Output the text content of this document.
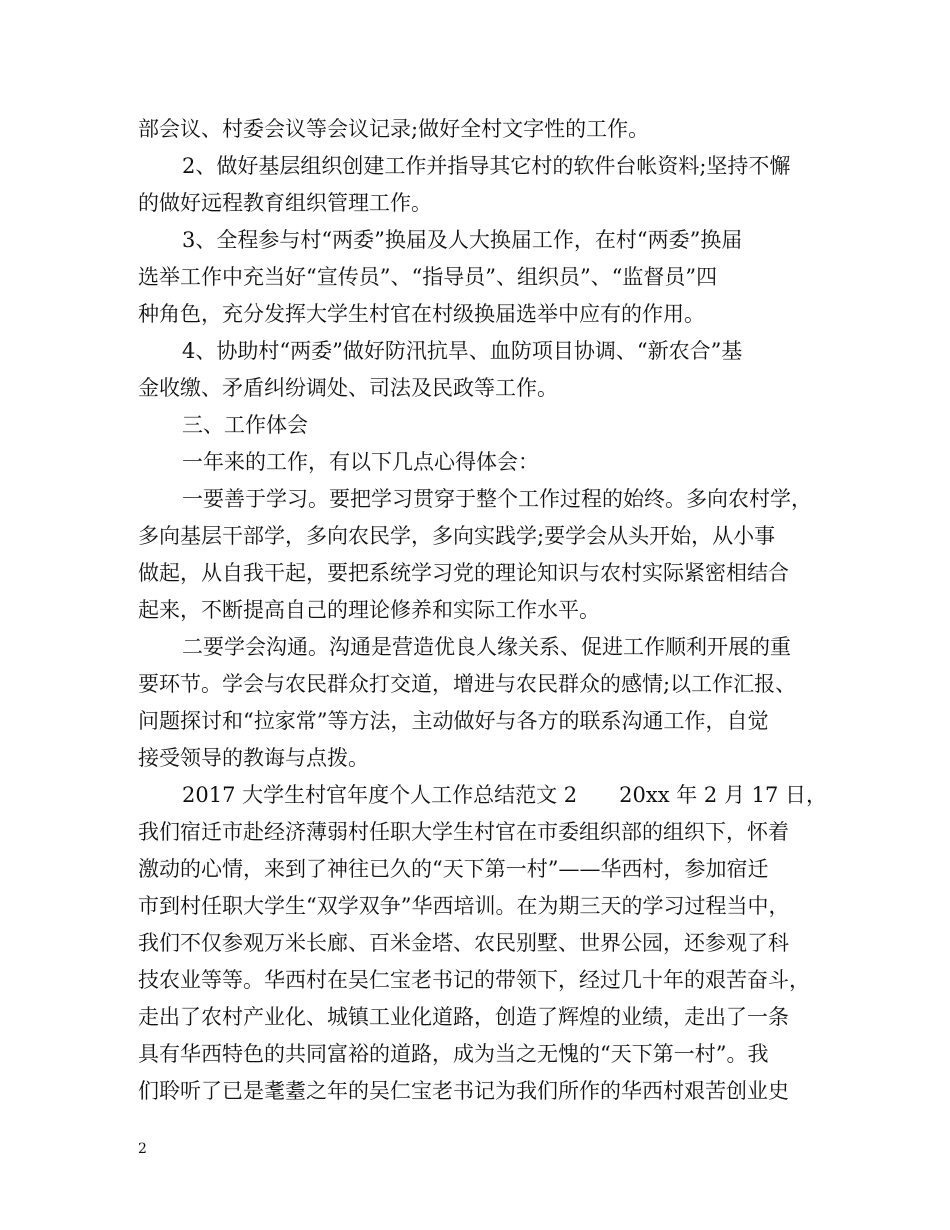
部会议、村委会议等会议记录;做好全村文字性的工作。
2、做好基层组织创建工作并指导其它村的软件台帐资料;坚持不懈
的做好远程教育组织管理工作。
3、全程参与村“两委”换届及人大换届工作，在村“两委”换届
选举工作中充当好“宣传员”、“指导员”、组织员”、“监督员”四
种角色，充分发挥大学生村官在村级换届选举中应有的作用。
4、协助村“两委”做好防汛抗旱、血防项目协调、“新农合”基
金收缴、矛盾纠纷调处、司法及民政等工作。
三、工作体会
一年来的工作，有以下几点心得体会：
一要善于学习。要把学习贯穿于整个工作过程的始终。多向农村学，
多向基层干部学，多向农民学，多向实践学;要学会从头开始，从小事
做起，从自我干起，要把系统学习党的理论知识与农村实际紧密相结合
起来，不断提高自己的理论修养和实际工作水平。
二要学会沟通。沟通是营造优良人缘关系、促进工作顺利开展的重
要环节。学会与农民群众打交道，增进与农民群众的感情;以工作汇报、
问题探讨和“拉家常”等方法，主动做好与各方的联系沟通工作，自觉
接受领导的教诲与点拨。
2017 大学生村官年度个人工作总结范文 2　　20xx 年 2 月 17 日，
我们宿迁市赴经济薄弱村任职大学生村官在市委组织部的组织下，怀着
激动的心情，来到了神往已久的“天下第一村”——华西村，参加宿迁
市到村任职大学生“双学双争”华西培训。在为期三天的学习过程当中，
我们不仅参观万米长廊、百米金塔、农民别墅、世界公园，还参观了科
技农业等等。华西村在吴仁宝老书记的带领下，经过几十年的艰苦奋斗，
走出了农村产业化、城镇工业化道路，创造了辉煌的业绩，走出了一条
具有华西特色的共同富裕的道路，成为当之无愧的“天下第一村”。我
们聆听了已是耄耋之年的吴仁宝老书记为我们所作的华西村艰苦创业史
2
